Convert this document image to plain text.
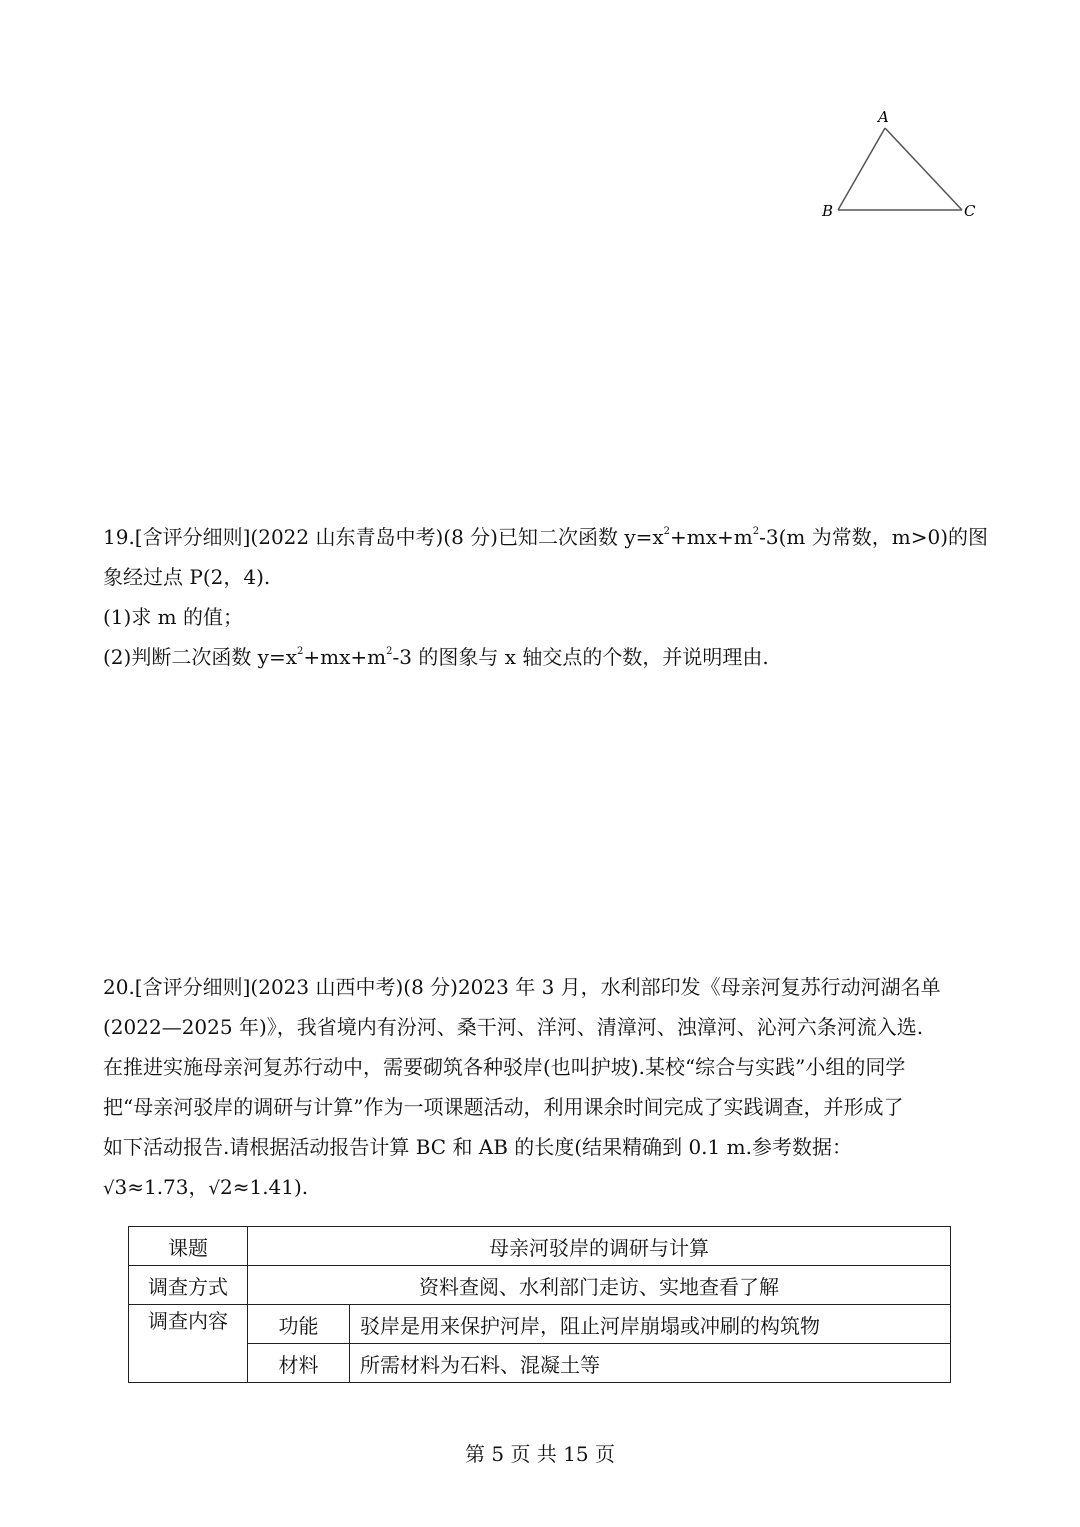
A
B	C

19.[含评分细则](2022 山东青岛中考)(8 分)已知二次函数 $y=x^2+mx+m^2-3(m$ 为常数，m>0)的图

象经过点 P(2，4).

(1)求 m 的值；

(2)判断二次函数 $y=x^2+mx+m^2-3$ 的图象与 x 轴交点的个数，并说明理由.

20.[含评分细则](2023 山西中考)(8 分)2023 年 3 月，水利部印发《母亲河复苏行动河湖名单

(2022—2025 年)》，我省境内有汾河、桑干河、洋河、清漳河、浊漳河、沁河六条河流入选.

在推进实施母亲河复苏行动中，需要砌筑各种驳岸(也叫护坡).某校“综合与实践”小组的同学

把“母亲河驳岸的调研与计算”作为一项课题活动，利用课余时间完成了实践调查，并形成了

如下活动报告.请根据活动报告计算 BC 和 AB 的长度(结果精确到 0.1 m.参考数据：

√3≈1.73，√2≈1.41).

课题	母亲河驳岸的调研与计算	
调查方式	资料查阅、水利部门走访、实地查看了解	
调查内容	功能	驳岸是用来保护河岸，阻止河岸崩塌或冲刷的构筑物
	材料	所需材料为石料、混凝土等
第 5 页 共 15 页
